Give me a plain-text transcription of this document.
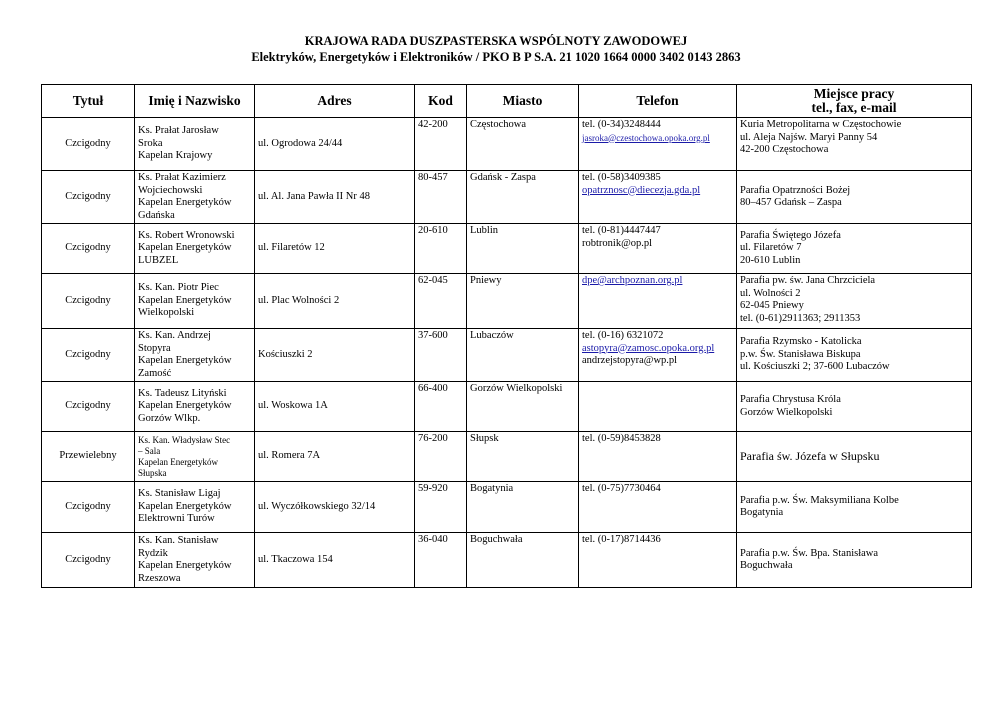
KRAJOWA RADA DUSZPASTERSKA WSPÓLNOTY ZAWODOWEJ
Elektryków, Energetyków i Elektroników / PKO B P S.A. 21 1020 1664 0000 3402 0143 2863
Tytuł	Imię i Nazwisko	Adres	Kod	Miasto	Telefon	Miejsce pracy
tel., fax, e-mail

Czcigodny	Ks. Prałat Jarosław
Sroka
Kapelan Krajowy	ul. Ogrodowa 24/44	42-200	Częstochowa	tel. (0-34)3248444
jasroka@czestochowa.opoka.org.pl	Kuria Metropolitarna w Częstochowie
ul. Aleja Najśw. Maryi Panny 54
42-200 Częstochowa

Czcigodny	Ks. Prałat Kazimierz
Wojciechowski
Kapelan Energetyków
Gdańska	ul. Al. Jana Pawła II Nr 48	80-457	Gdańsk - Zaspa	tel. (0-58)3409385
opatrznosc@diecezja.gda.pl	Parafia Opatrzności Bożej
80–457 Gdańsk – Zaspa

Czcigodny	Ks. Robert Wronowski
Kapelan Energetyków
LUBZEL	ul. Filaretów 12	20-610	Lublin	tel. (0-81)4447447
robtronik@op.pl	Parafia Świętego Józefa
ul. Filaretów 7
20-610 Lublin

Czcigodny	Ks. Kan. Piotr Piec
Kapelan Energetyków
Wielkopolski	ul. Plac Wolności 2	62-045	Pniewy	dpe@archpoznan.org.pl	Parafia pw. św. Jana Chrzciciela
ul. Wolności 2
62-045 Pniewy
tel. (0-61)2911363; 2911353

Czcigodny	Ks. Kan. Andrzej
Stopyra
Kapelan Energetyków
Zamość	Kościuszki 2	37-600	Lubaczów	tel. (0-16) 6321072
astopyra@zamosc.opoka.org.pl
andrzejstopyra@wp.pl	Parafia Rzymsko - Katolicka
p.w. Św. Stanisława Biskupa
ul. Kościuszki 2; 37-600 Lubaczów

Czcigodny	Ks. Tadeusz Lityński
Kapelan Energetyków
Gorzów Wlkp.	ul. Woskowa 1A	66-400	Gorzów Wielkopolski		Parafia Chrystusa Króla
Gorzów Wielkopolski

Przewielebny	Ks. Kan. Władysław Stec
– Sala
Kapelan Energetyków
Słupska	ul. Romera 7A	76-200	Słupsk	tel. (0-59)8453828	Parafia św. Józefa w Słupsku

Czcigodny	Ks. Stanisław Ligaj
Kapelan Energetyków
Elektrowni Turów	ul. Wyczółkowskiego 32/14	59-920	Bogatynia	tel. (0-75)7730464	Parafia p.w. Św. Maksymiliana Kolbe
Bogatynia

Czcigodny	Ks. Kan. Stanisław
Rydzik
Kapelan Energetyków
Rzeszowa	ul. Tkaczowa 154	36-040	Boguchwała	tel. (0-17)8714436	Parafia p.w. Św. Bpa. Stanisława
Boguchwała
